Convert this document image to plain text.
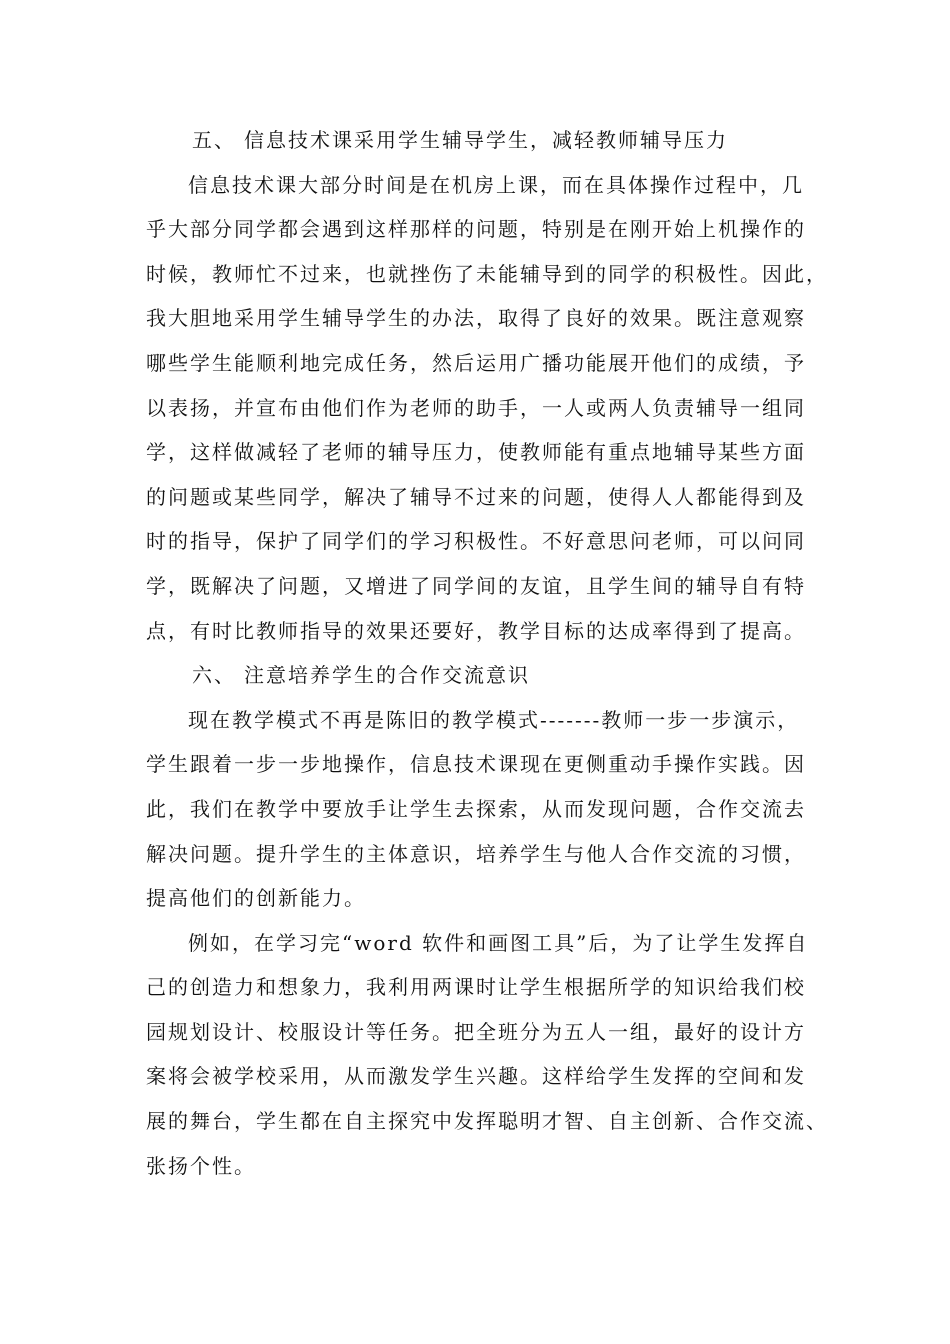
五、 信息技术课采用学生辅导学生，减轻教师辅导压力
信息技术课大部分时间是在机房上课，而在具体操作过程中，几
乎大部分同学都会遇到这样那样的问题，特别是在刚开始上机操作的
时候，教师忙不过来，也就挫伤了未能辅导到的同学的积极性。因此，
我大胆地采用学生辅导学生的办法，取得了良好的效果。既注意观察
哪些学生能顺利地完成任务，然后运用广播功能展开他们的成绩，予
以表扬，并宣布由他们作为老师的助手，一人或两人负责辅导一组同
学，这样做减轻了老师的辅导压力，使教师能有重点地辅导某些方面
的问题或某些同学，解决了辅导不过来的问题，使得人人都能得到及
时的指导，保护了同学们的学习积极性。不好意思问老师，可以问同
学，既解决了问题，又增进了同学间的友谊，且学生间的辅导自有特
点，有时比教师指导的效果还要好，教学目标的达成率得到了提高。
六、 注意培养学生的合作交流意识
现在教学模式不再是陈旧的教学模式-------教师一步一步演示，
学生跟着一步一步地操作，信息技术课现在更侧重动手操作实践。因
此，我们在教学中要放手让学生去探索，从而发现问题，合作交流去
解决问题。提升学生的主体意识，培养学生与他人合作交流的习惯，
提高他们的创新能力。
例如，在学习完“word 软件和画图工具”后，为了让学生发挥自
己的创造力和想象力，我利用两课时让学生根据所学的知识给我们校
园规划设计、校服设计等任务。把全班分为五人一组，最好的设计方
案将会被学校采用，从而激发学生兴趣。这样给学生发挥的空间和发
展的舞台，学生都在自主探究中发挥聪明才智、自主创新、合作交流、
张扬个性。
